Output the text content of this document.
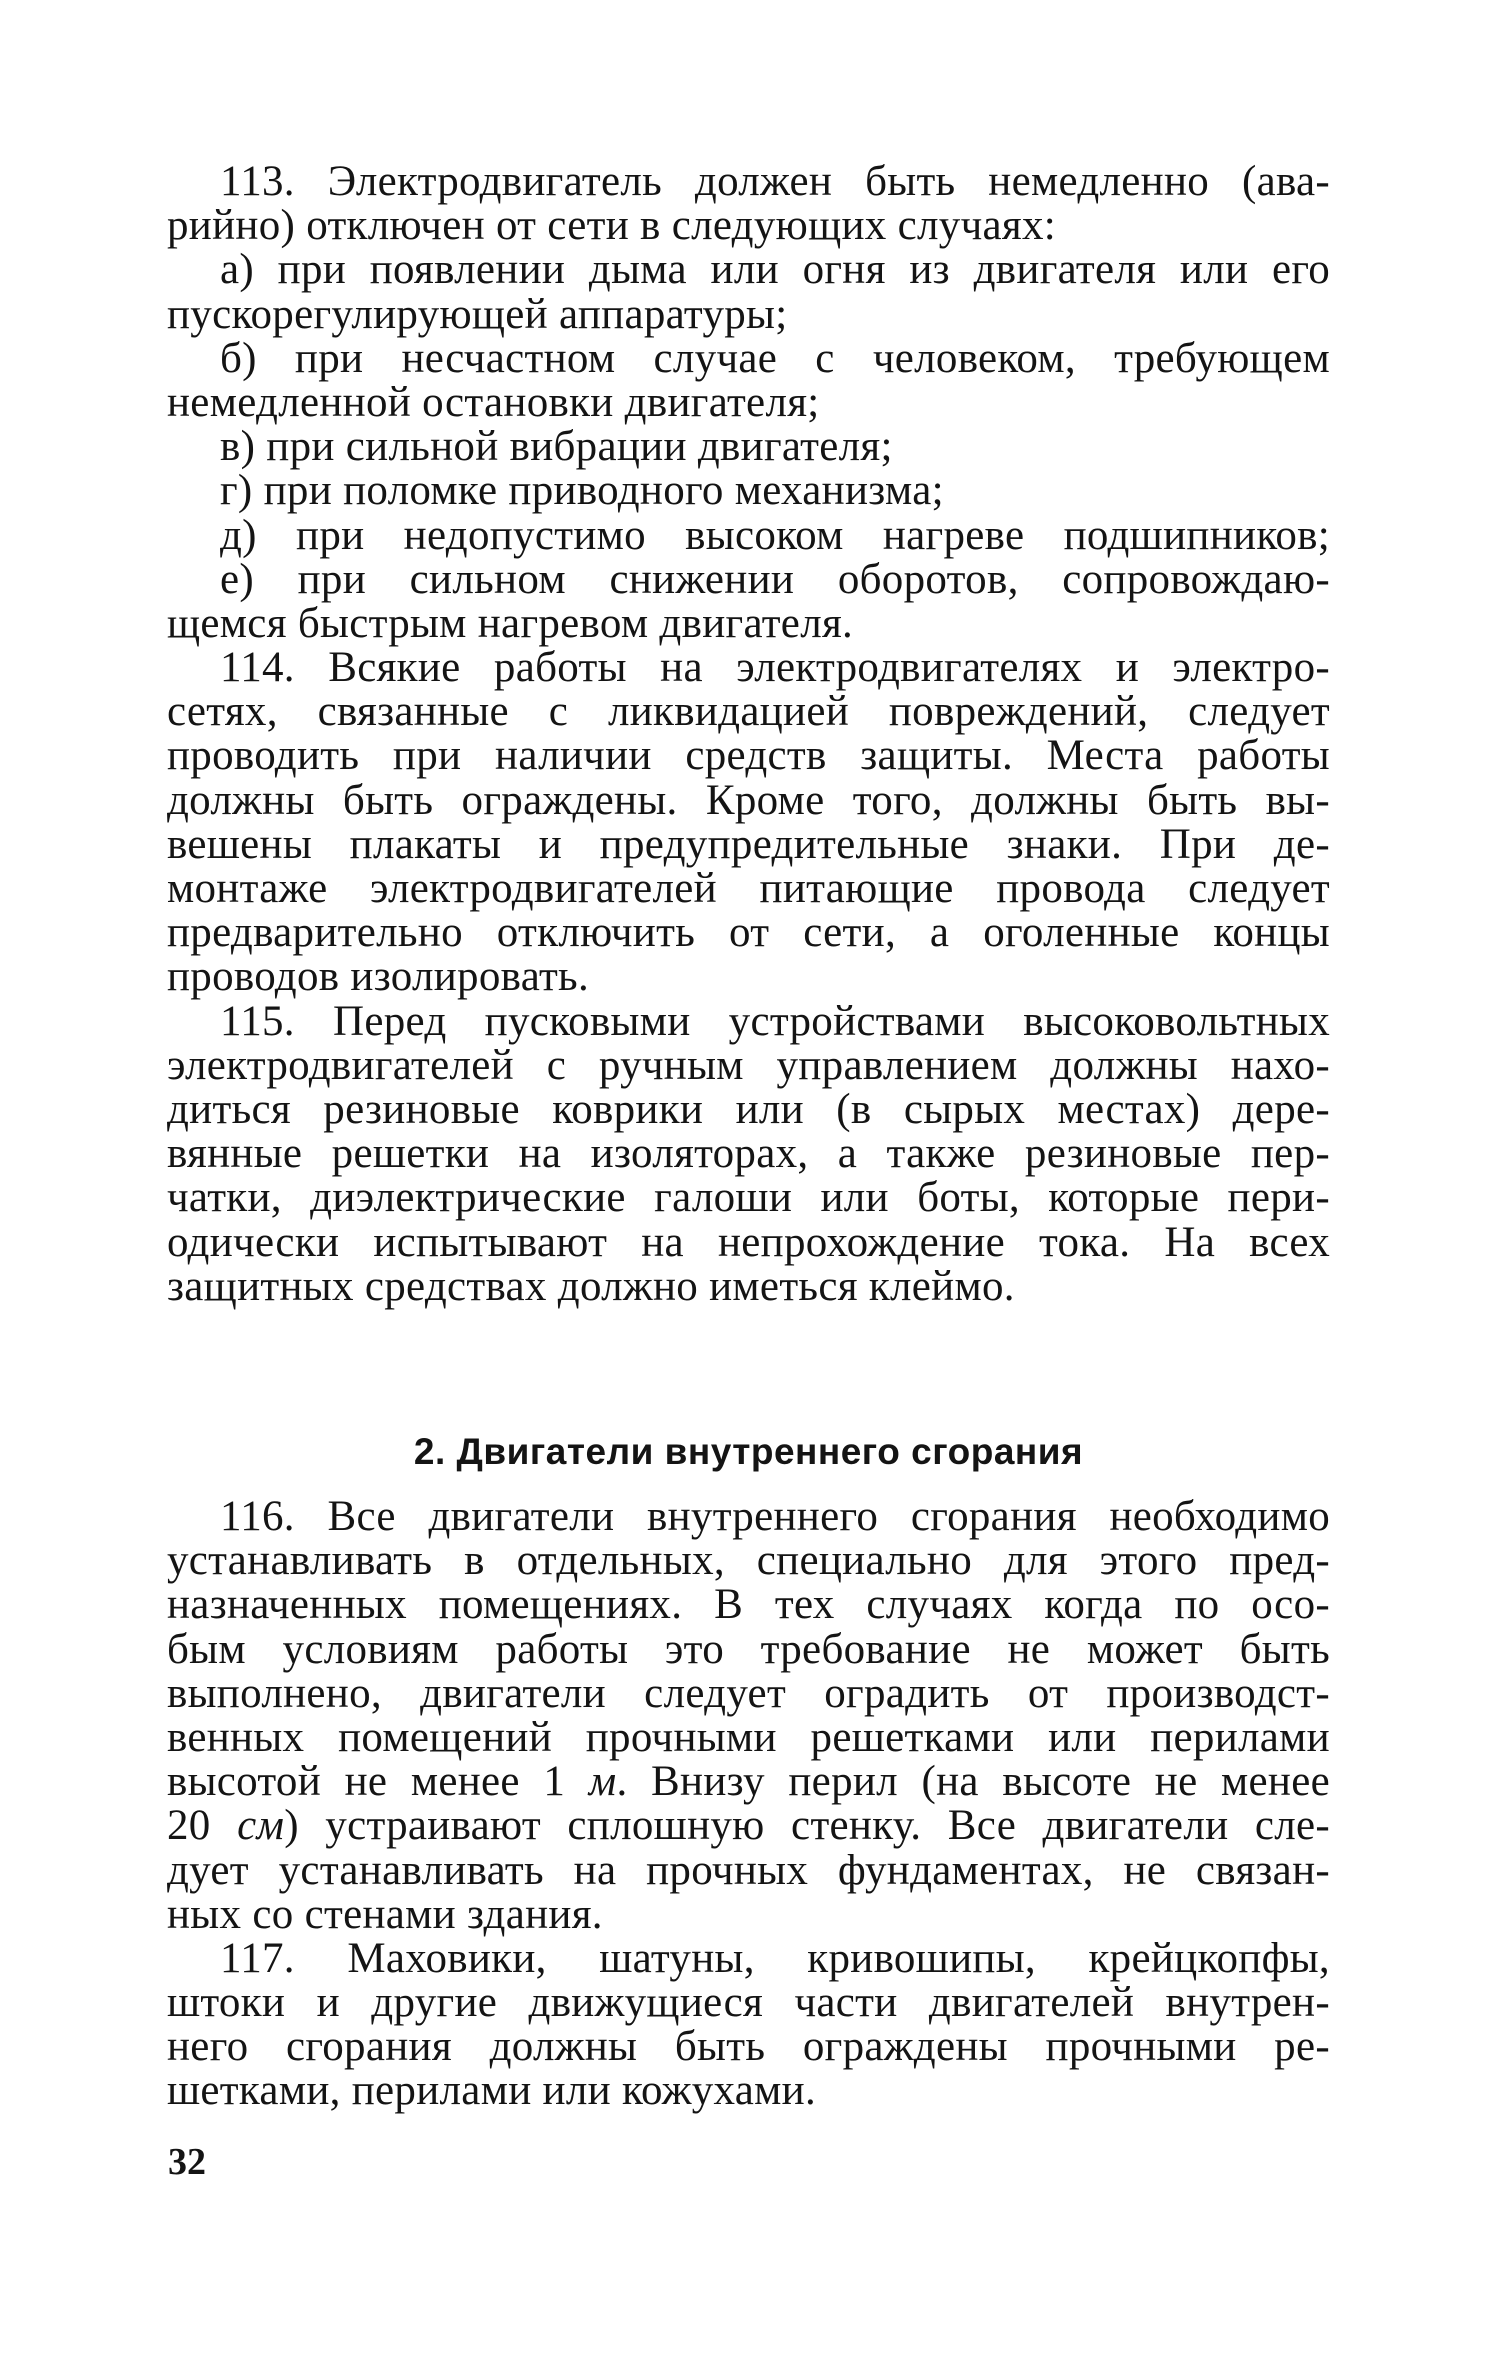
113. Электродвигатель должен быть немедленно (ава-
рийно) отключен от сети в следующих случаях:
а) при появлении дыма или огня из двигателя или его
пускорегулирующей аппаратуры;
б) при несчастном случае с человеком, требующем
немедленной остановки двигателя;
в) при сильной вибрации двигателя;
г) при поломке приводного механизма;
д) при недопустимо высоком нагреве подшипников;
е) при сильном снижении оборотов, сопровождаю-
щемся быстрым нагревом двигателя.
114. Всякие работы на электродвигателях и электро-
сетях, связанные с ликвидацией повреждений, следует
проводить при наличии средств защиты. Места работы
должны быть ограждены. Кроме того, должны быть вы-
вешены плакаты и предупредительные знаки. При де-
монтаже электродвигателей питающие провода следует
предварительно отключить от сети, а оголенные концы
проводов изолировать.
115. Перед пусковыми устройствами высоковольтных
электродвигателей с ручным управлением должны нахо-
диться резиновые коврики или (в сырых местах) дере-
вянные решетки на изоляторах, а также резиновые пер-
чатки, диэлектрические галоши или боты, которые пери-
одически испытывают на непрохождение тока. На всех
защитных средствах должно иметься клеймо.
2. Двигатели внутреннего сгорания
116. Все двигатели внутреннего сгорания необходимо
устанавливать в отдельных, специально для этого пред-
назначенных помещениях. В тех случаях когда по осо-
бым условиям работы это требование не может быть
выполнено, двигатели следует оградить от производст-
венных помещений прочными решетками или перилами
высотой не менее 1 м. Внизу перил (на высоте не менее
20 см) устраивают сплошную стенку. Все двигатели сле-
дует устанавливать на прочных фундаментах, не связан-
ных со стенами здания.
117. Маховики, шатуны, кривошипы, крейцкопфы,
штоки и другие движущиеся части двигателей внутрен-
него сгорания должны быть ограждены прочными ре-
шетками, перилами или кожухами.
32
